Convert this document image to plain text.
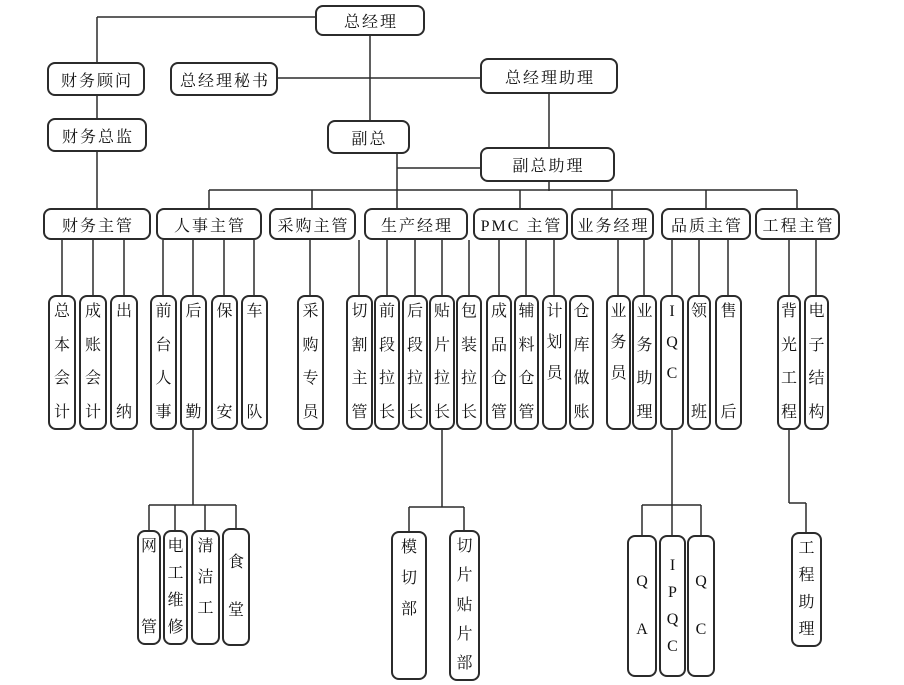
总经理
财务顾问	总经理秘书	总经理助理
财务总监	副总
副总助理
财务主管	人事主管	采购主管	生产经理	PMC 主管 业务经理	品质主管	工程主管
总
本
会
计
成
账
会
计
出
纳
前
台
人
事
后
勤
保
安
车
队
采
购
专
员
切
割
主
管
前
段
拉
长
后
段
拉
长
贴
片
拉
长
包
装
拉
长
成
品
仓
管
辅
料
仓
管
计
划
员
仓
库
做
账
业
务
员
业
务
助
理
I
Q
C
领
班
售
后
背
光
工
程
电
子
结
构
网
管
电
工
维
修
清
洁
工
食
堂
模
切
部
切
片
贴
片
部
Q
A
I
P
Q
C
Q
C
工
程
助
理
